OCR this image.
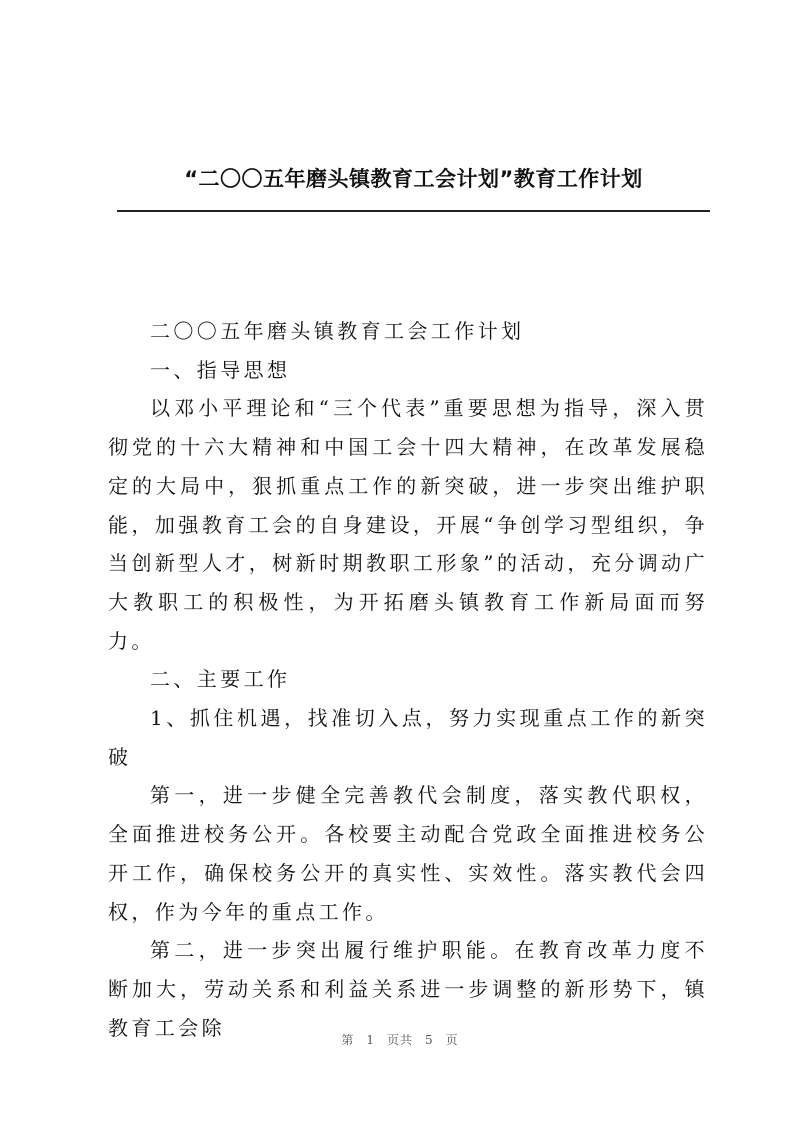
“二〇〇五年磨头镇教育工会计划”教育工作计划

二〇〇五年磨头镇教育工会工作计划

一、指导思想

以邓小平理论和“三个代表”重要思想为指导，深入贯彻党的十六大精神和中国工会十四大精神，在改革发展稳定的大局中，狠抓重点工作的新突破，进一步突出维护职能，加强教育工会的自身建设，开展“争创学习型组织，争当创新型人才，树新时期教职工形象”的活动，充分调动广大教职工的积极性，为开拓磨头镇教育工作新局面而努力。

二、主要工作

1、抓住机遇，找准切入点，努力实现重点工作的新突破

第一，进一步健全完善教代会制度，落实教代职权，全面推进校务公开。各校要主动配合党政全面推进校务公开工作，确保校务公开的真实性、实效性。落实教代会四权，作为今年的重点工作。

第二，进一步突出履行维护职能。在教育改革力度不断加大，劳动关系和利益关系进一步调整的新形势下，镇教育工会除

第 1 页共 5 页
